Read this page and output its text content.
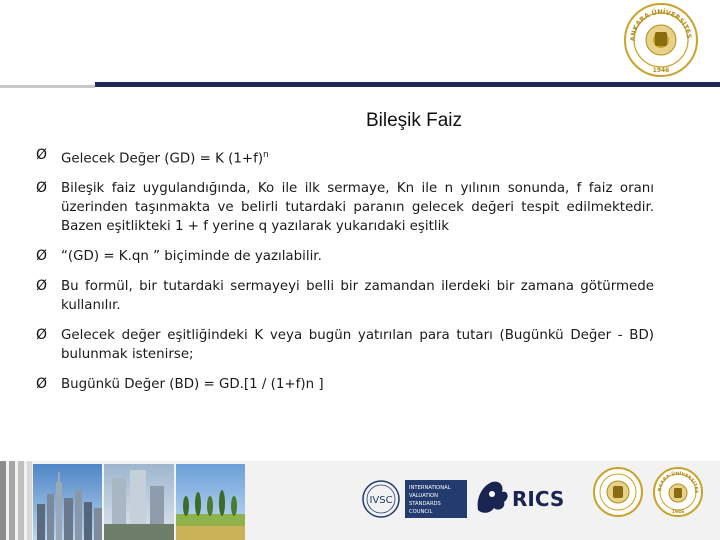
ANKARA ÜNİVERSİTES
1946
Bileşik Faiz
Ø Gelecek Değer (GD) = K $(1+f)^n$
Ø Bileşik faiz uygulandığında, Ko ile ilk sermaye, Kn ile n yılının sonunda, f faiz oranı üzerinden taşınmakta ve belirli tutardaki paranın gelecek değeri tespit edilmektedir. Bazen eşitlikteki 1 + f yerine q yazılarak yukarıdaki eşitlik
Ø “(GD) = K.qn ” biçiminde de yazılabilir.
Ø Bu formül, bir tutardaki sermayeyi belli bir zamandan ilerdeki bir zamana götürmede kullanılır.
Ø Gelecek değer eşitliğindeki K veya bugün yatırılan para tutarı (Bugünkü Değer - BD) bulunmak istenirse;
Ø Bugünkü Değer (BD) = GD.[1 / (1+f)n ]
IVSC
INTERNATIONAL
VALUATION
STANDARDS
COUNCIL
RICS	NKARA ÜNİVERSİTES
1946
